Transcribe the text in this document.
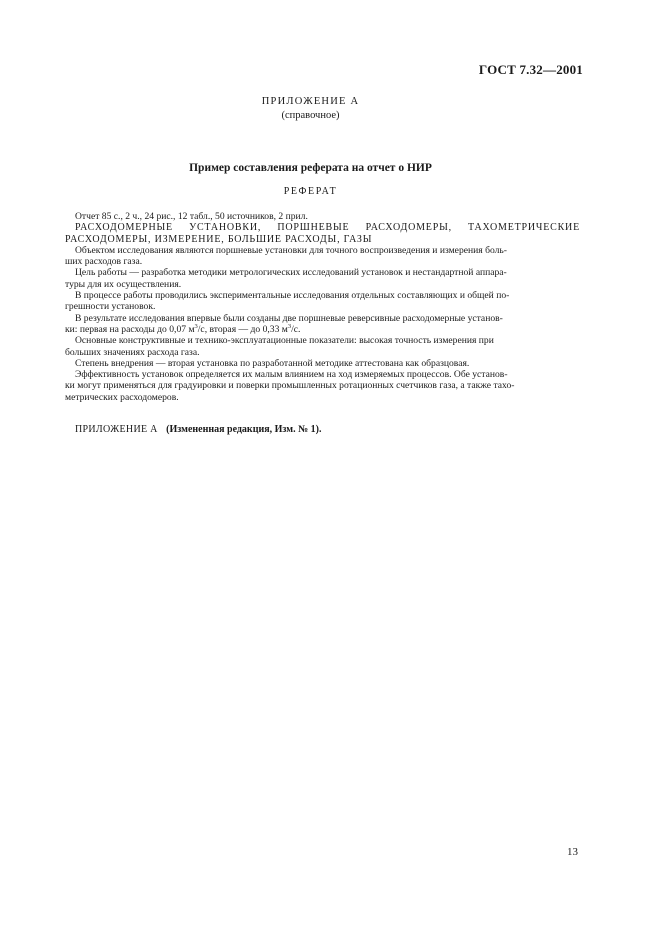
ГОСТ 7.32—2001
ПРИЛОЖЕНИЕ А
(справочное)
Пример составления реферата на отчет о НИР
РЕФЕРАТ

Отчет 85 с., 2 ч., 24 рис., 12 табл., 50 источников, 2 прил.

РАСХОДОМЕРНЫЕ УСТАНОВКИ, ПОРШНЕВЫЕ РАСХОДОМЕРЫ, ТАХОМЕТРИЧЕСКИЕ

РАСХОДОМЕРЫ, ИЗМЕРЕНИЕ, БОЛЬШИЕ РАСХОДЫ, ГАЗЫ

Объектом исследования являются поршневые установки для точного воспроизведения и измерения боль-

ших расходов газа.

Цель работы — разработка методики метрологических исследований установок и нестандартной аппара-

туры для их осуществления.

В процессе работы проводились экспериментальные исследования отдельных составляющих и общей по-

грешности установок.

В результате исследования впервые были созданы две поршневые реверсивные расходомерные установ-

ки: первая на расходы до 0,07 $м^3/с$, вторая — до 0,33 $м^3/с$.

Основные конструктивные и технико-эксплуатационные показатели: высокая точность измерения при

больших значениях расхода газа.

Степень внедрения — вторая установка по разработанной методике аттестована как образцовая.

Эффективность установок определяется их малым влиянием на ход измеряемых процессов. Обе установ-

ки могут применяться для градуировки и поверки промышленных ротационных счетчиков газа, а также тахо-

метрических расходомеров.

ПРИЛОЖЕНИЕ А (Измененная редакция, Изм. № 1).
13
